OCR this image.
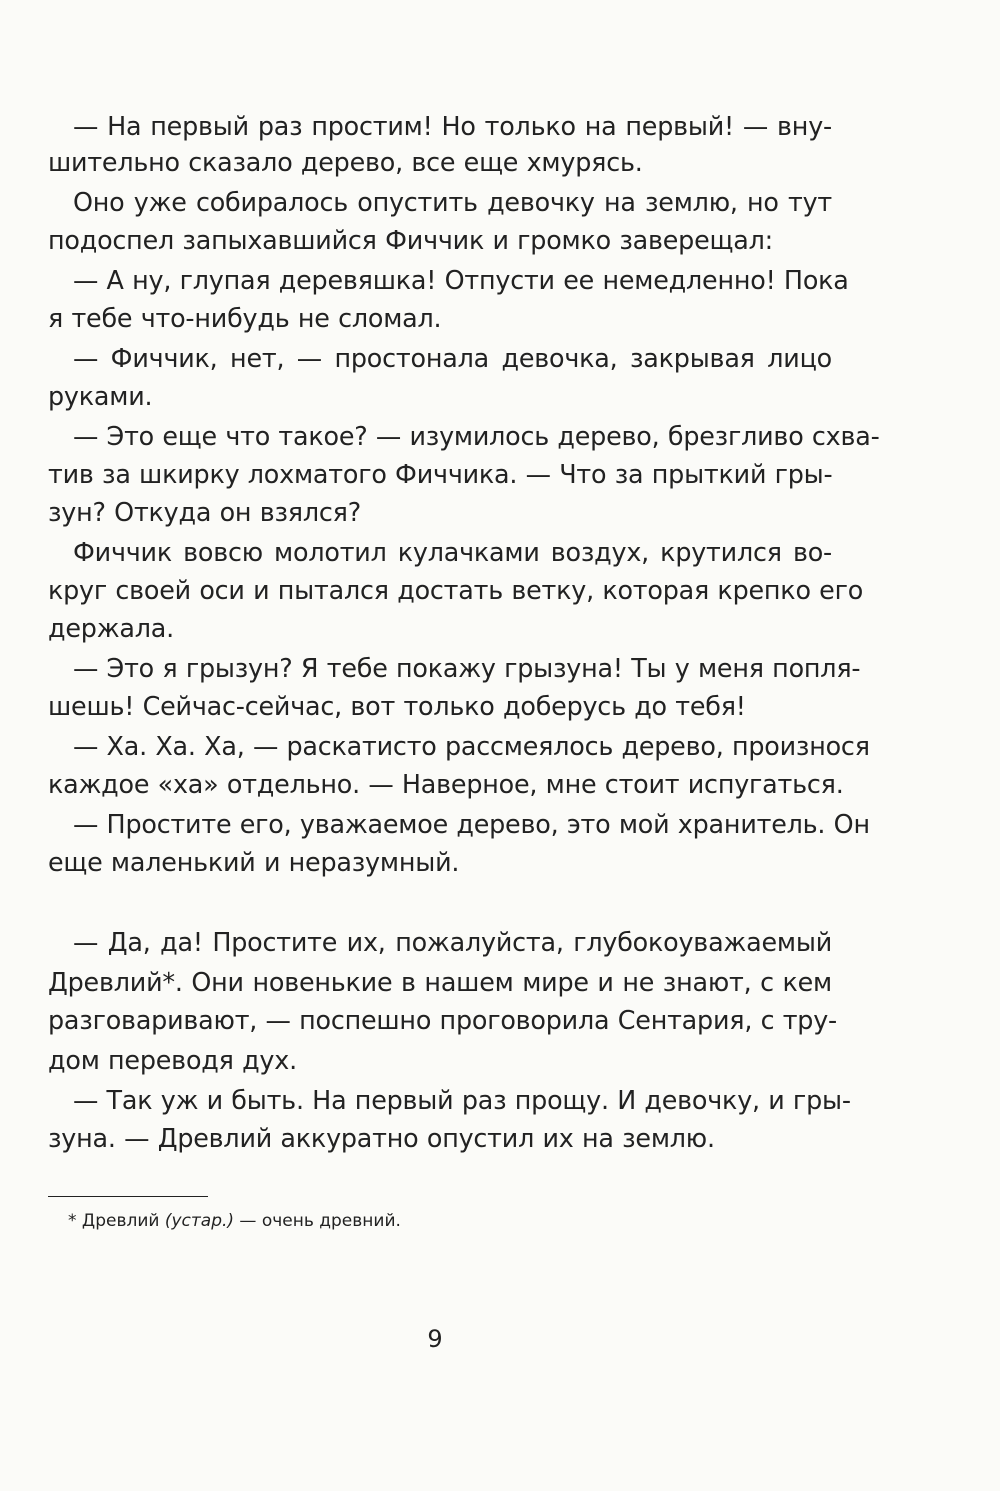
— На первый раз простим! Но только на первый! — вну-
шительно сказало дерево, все еще хмурясь.
Оно уже собиралось опустить девочку на землю, но тут
подоспел запыхавшийся Фиччик и громко заверещал:
— А ну, глупая деревяшка! Отпусти ее немедленно! Пока
я тебе что-нибудь не сломал.
— Фиччик, нет, — простонала девочка, закрывая лицо
руками.
— Это еще что такое? — изумилось дерево, брезгливо схва-
тив за шкирку лохматого Фиччика. — Что за прыткий гры-
зун? Откуда он взялся?
Фиччик вовсю молотил кулачками воздух, крутился во-
круг своей оси и пытался достать ветку, которая крепко его
держала.
— Это я грызун? Я тебе покажу грызуна! Ты у меня попля-
шешь! Сейчас-сейчас, вот только доберусь до тебя!
— Ха. Ха. Ха, — раскатисто рассмеялось дерево, произнося
каждое «ха» отдельно. — Наверное, мне стоит испугаться.
— Простите его, уважаемое дерево, это мой хранитель. Он
еще маленький и неразумный.
— Да, да! Простите их, пожалуйста, глубокоуважаемый
Древлий*. Они новенькие в нашем мире и не знают, с кем
разговаривают, — поспешно проговорила Сентария, с тру-
дом переводя дух.
— Так уж и быть. На первый раз прощу. И девочку, и гры-
зуна. — Древлий аккуратно опустил их на землю.
* Древлий (устар.) — очень древний.
9
